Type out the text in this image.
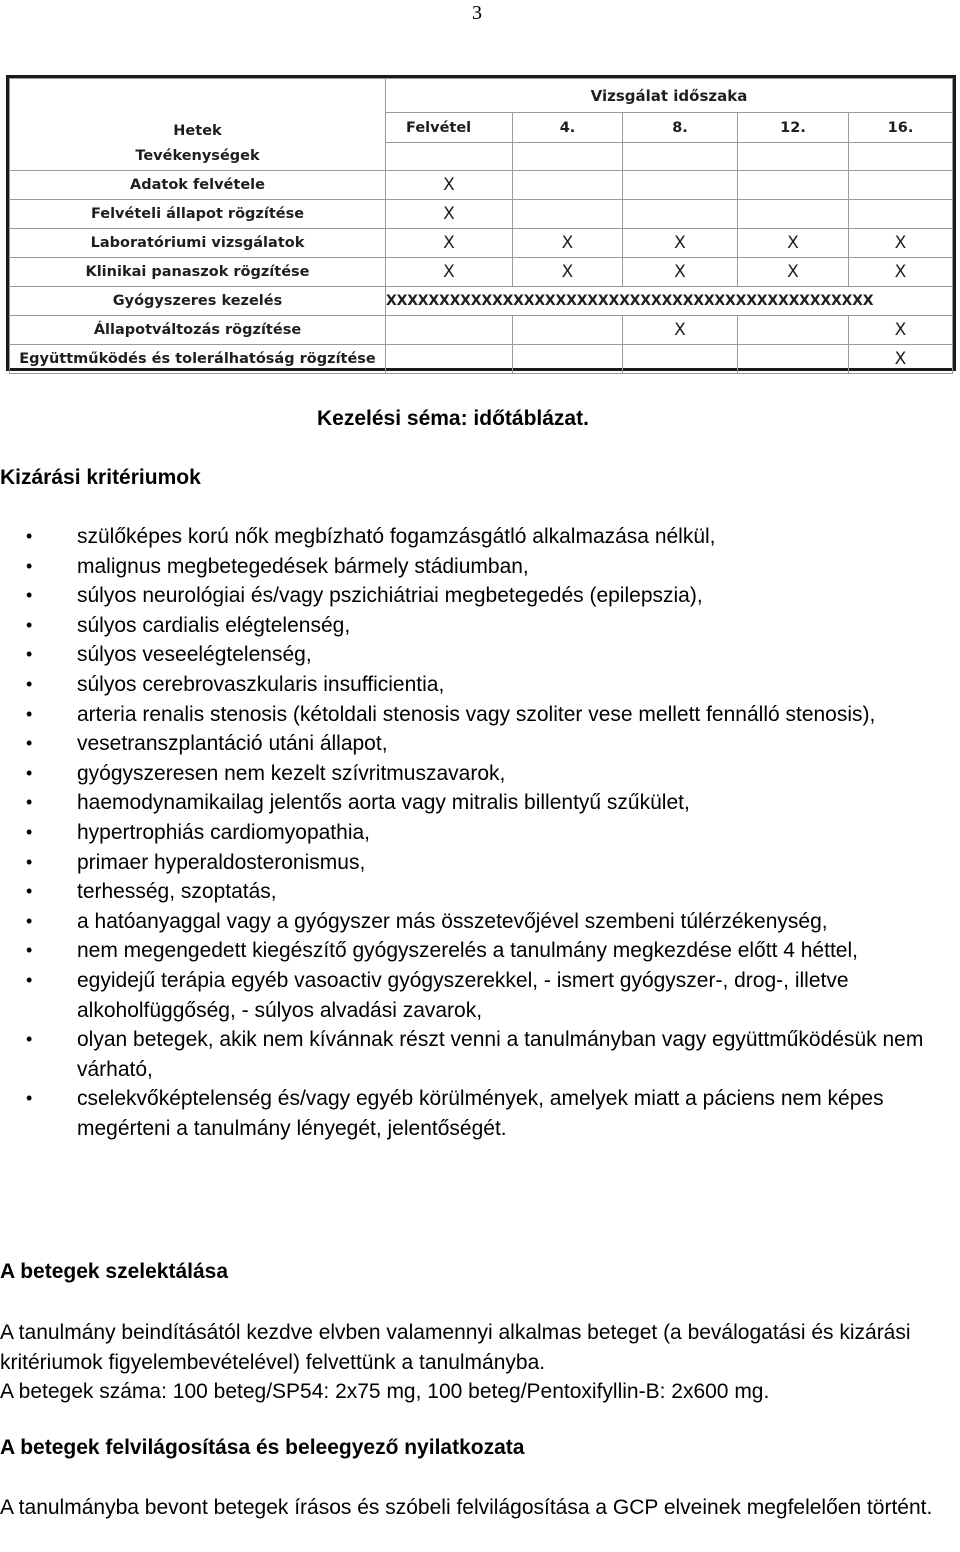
3
Hetek	Vizsgálat időszaka				
	Felvétel	4.	8.	12.	16.
Tevékenységek					
Adatok felvétele	X				
Felvételi állapot rögzítése	X				
Laboratóriumi vizsgálatok	X	X	X	X	X
Klinikai panaszok rögzítése	X	X	X	X	X
Gyógyszeres kezelés	XXXXXXXXXXXXXXXXXXXXXXXXXXXXXXXXXXXXXXXXXXXXXX				
Állapotváltozás rögzítése			X		X
Együttműködés és tolerálhatóság rögzítése					X
Kezelési séma: időtáblázat.
Kizárási kritériumok
• szülőképes korú nők megbízható fogamzásgátló alkalmazása nélkül,
• malignus megbetegedések bármely stádiumban,
• súlyos neurológiai és/vagy pszichiátriai megbetegedés (epilepszia),
• súlyos cardialis elégtelenség,
• súlyos veseelégtelenség,
• súlyos cerebrovaszkularis insufficientia,
• arteria renalis stenosis (kétoldali stenosis vagy szoliter vese mellett fennálló stenosis),
• vesetranszplantáció utáni állapot,
• gyógyszeresen nem kezelt szívritmuszavarok,
• haemodynamikailag jelentős aorta vagy mitralis billentyű szűkület,
• hypertrophiás cardiomyopathia,
• primaer hyperaldosteronismus,
• terhesség, szoptatás,
• a hatóanyaggal vagy a gyógyszer más összetevőjével szembeni túlérzékenység,
• nem megengedett kiegészítő gyógyszerelés a tanulmány megkezdése előtt 4 héttel,
• egyidejű terápia egyéb vasoactiv gyógyszerekkel, - ismert gyógyszer-, drog-, illetve alkoholfüggőség, - súlyos alvadási zavarok,
• olyan betegek, akik nem kívánnak részt venni a tanulmányban vagy együttműködésük nem várható,
• cselekvőképtelenség és/vagy egyéb körülmények, amelyek miatt a páciens nem képes megérteni a tanulmány lényegét, jelentőségét.
A betegek szelektálása

A tanulmány beindításától kezdve elvben valamennyi alkalmas beteget (a beválogatási és kizárási kritériumok figyelembevételével) felvettünk a tanulmányba.

A betegek száma: 100 beteg/SP54: 2x75 mg, 100 beteg/Pentoxifyllin-B: 2x600 mg.

A betegek felvilágosítása és beleegyező nyilatkozata

A tanulmányba bevont betegek írásos és szóbeli felvilágosítása a GCP elveinek megfelelően történt.
